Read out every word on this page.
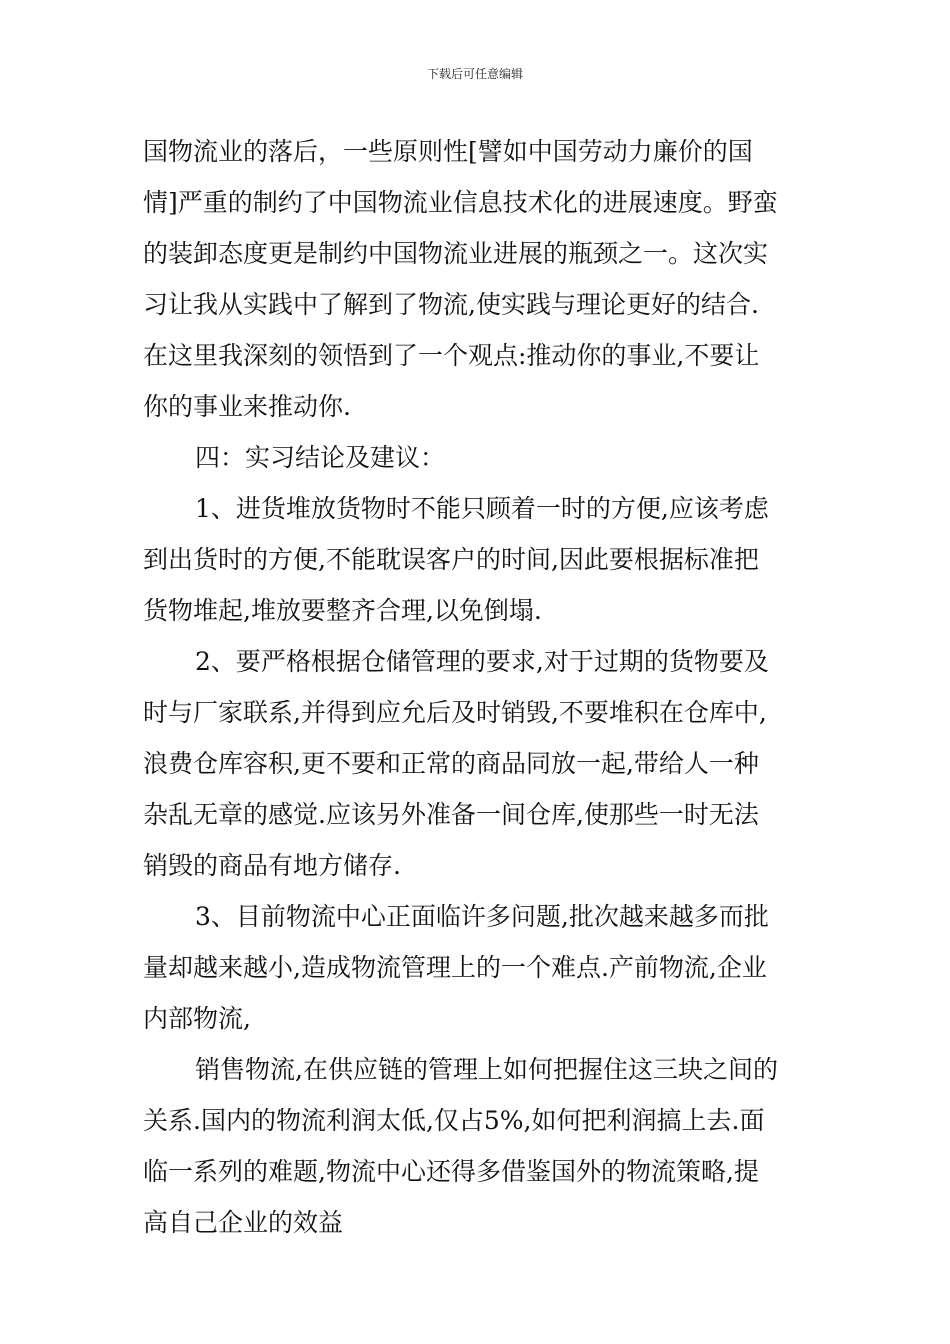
下载后可任意编辑
国物流业的落后，一些原则性[譬如中国劳动力廉价的国
情]严重的制约了中国物流业信息技术化的进展速度。野蛮
的装卸态度更是制约中国物流业进展的瓶颈之一。这次实
习让我从实践中了解到了物流,使实践与理论更好的结合.
在这里我深刻的领悟到了一个观点:推动你的事业,不要让
你的事业来推动你.
四：实习结论及建议：
1、进货堆放货物时不能只顾着一时的方便,应该考虑
到出货时的方便,不能耽误客户的时间,因此要根据标准把
货物堆起,堆放要整齐合理,以免倒塌.
2、要严格根据仓储管理的要求,对于过期的货物要及
时与厂家联系,并得到应允后及时销毁,不要堆积在仓库中,
浪费仓库容积,更不要和正常的商品同放一起,带给人一种
杂乱无章的感觉.应该另外准备一间仓库,使那些一时无法
销毁的商品有地方储存.
3、目前物流中心正面临许多问题,批次越来越多而批
量却越来越小,造成物流管理上的一个难点.产前物流,企业
内部物流,
销售物流,在供应链的管理上如何把握住这三块之间的
关系.国内的物流利润太低,仅占5%,如何把利润搞上去.面
临一系列的难题,物流中心还得多借鉴国外的物流策略,提
高自己企业的效益
